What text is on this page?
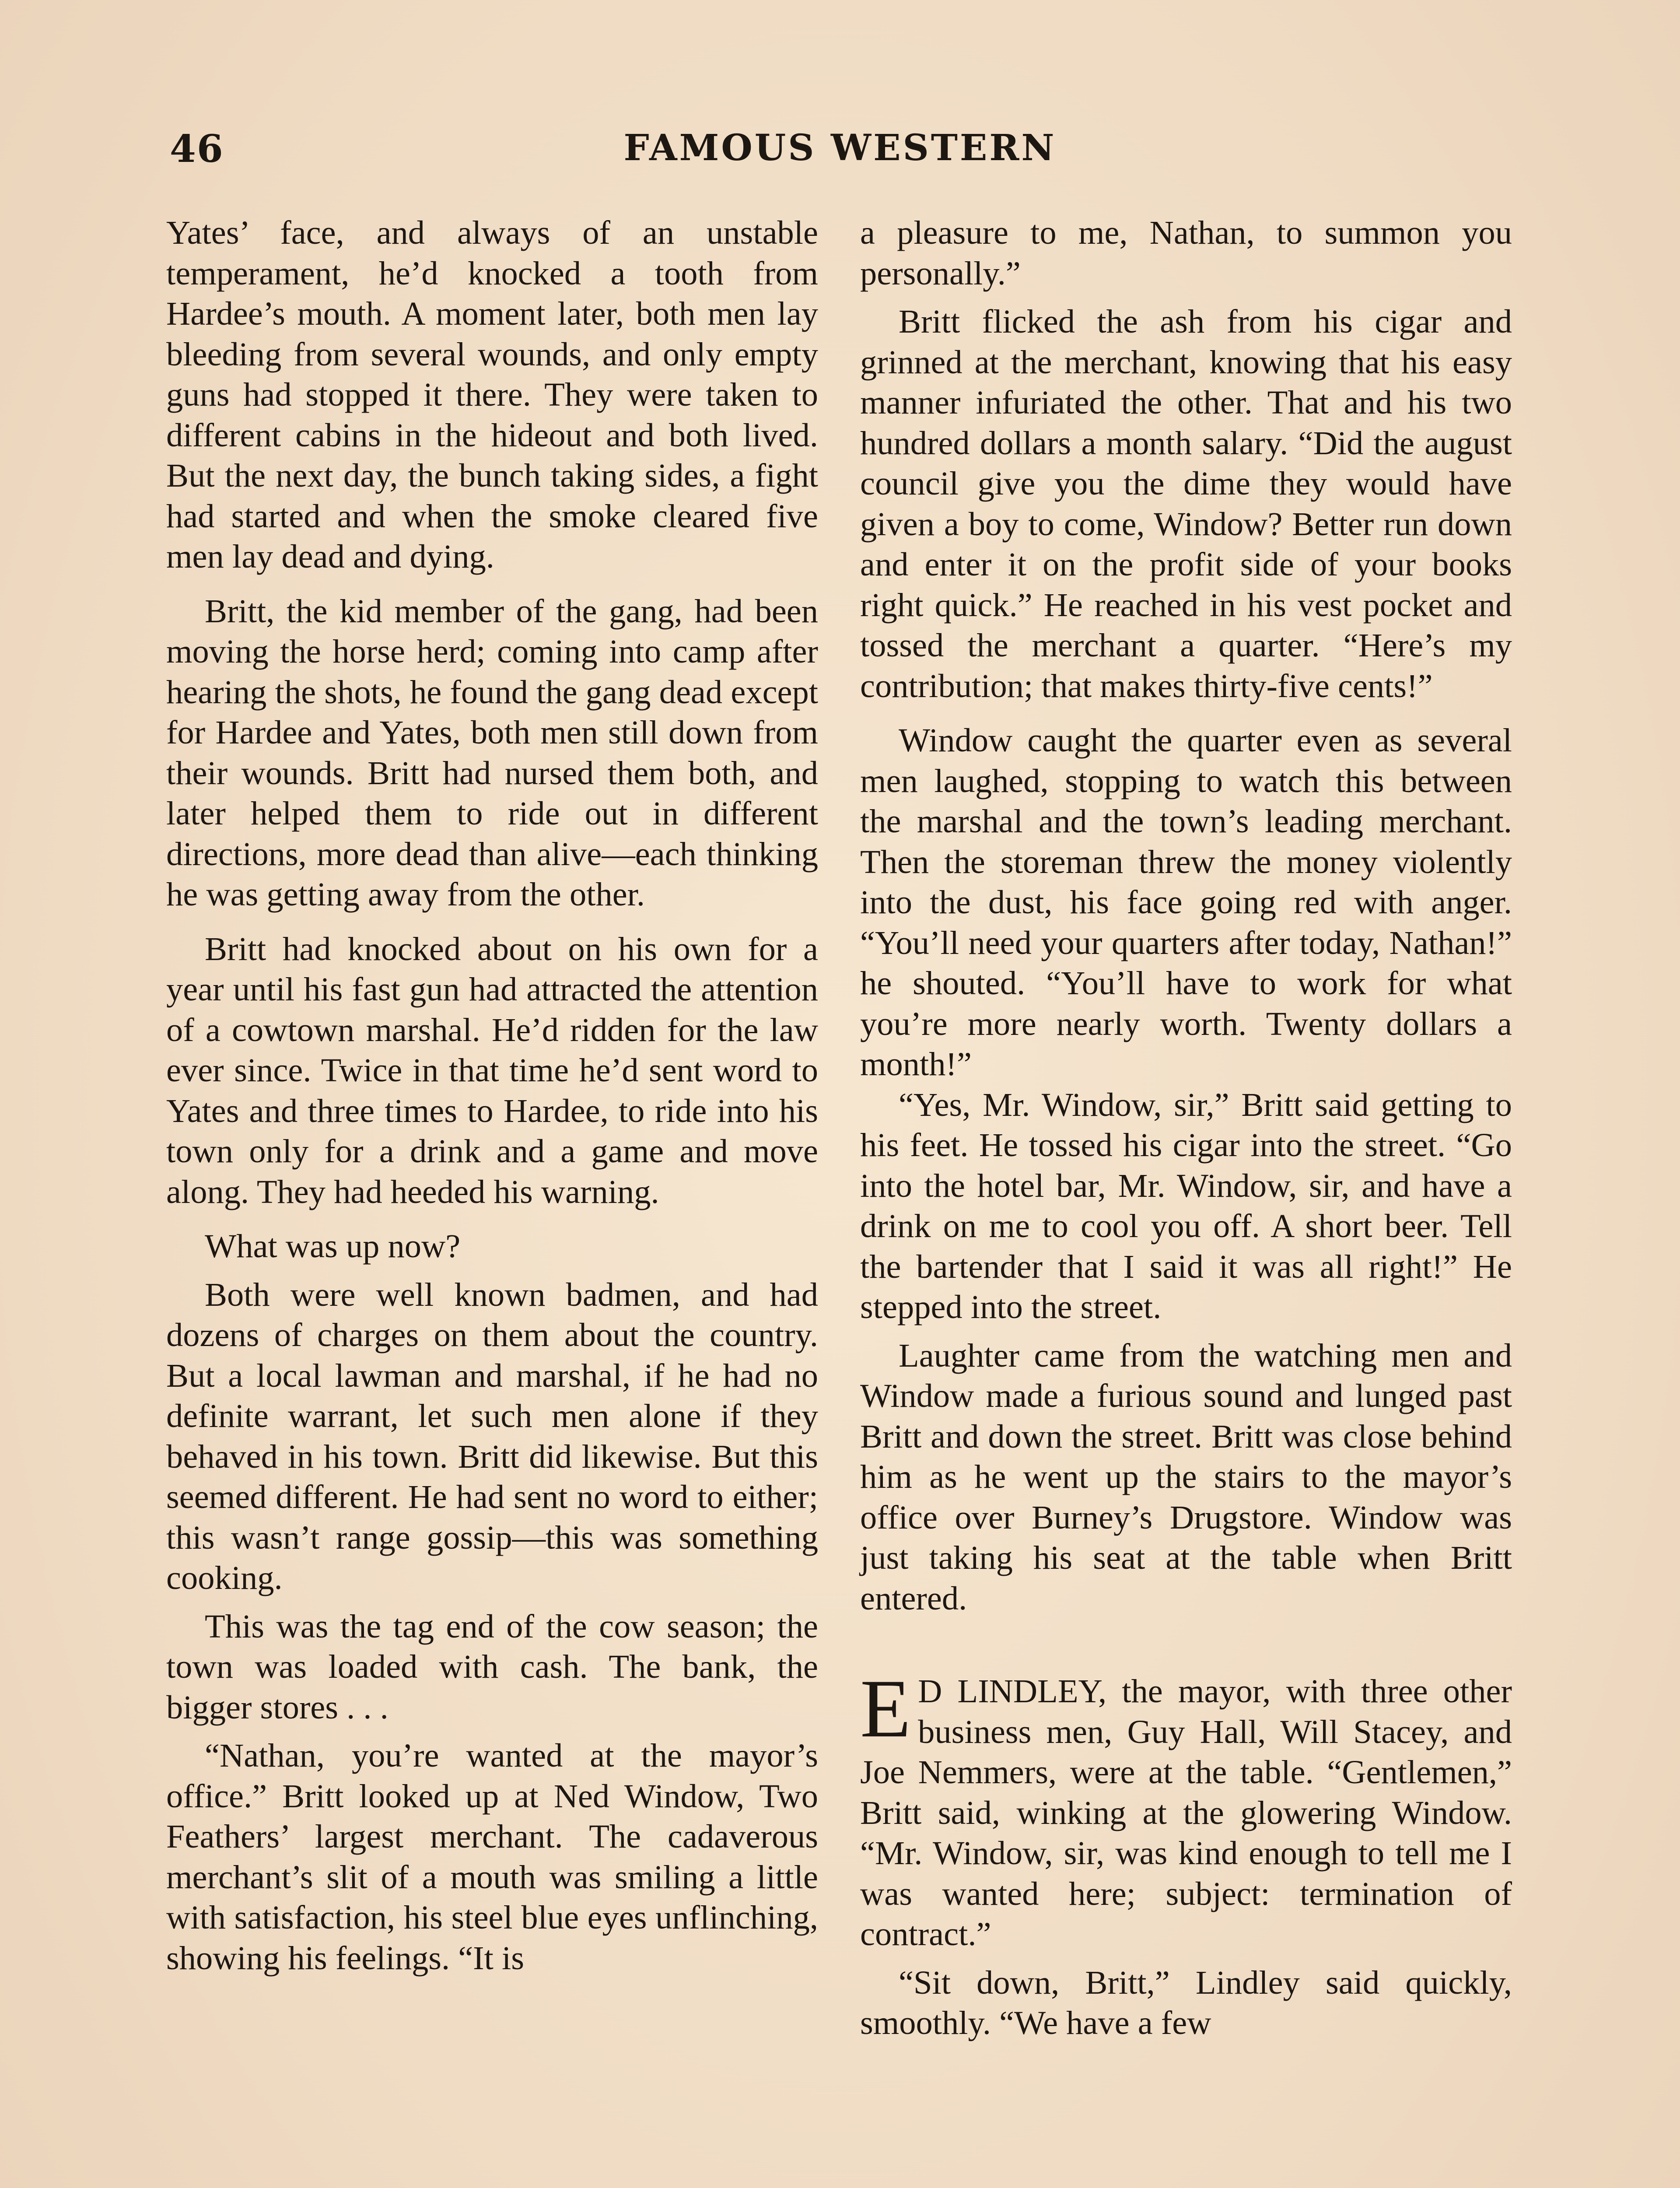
46	FAMOUS WESTERN

Yates’ face, and always of an unstable temperament, he’d knocked a tooth from Hardee’s mouth. A moment later, both men lay bleeding from several wounds, and only empty guns had stopped it there. They were taken to different cabins in the hideout and both lived. But the next day, the bunch taking sides, a fight had started and when the smoke cleared five men lay dead and dying.

Britt, the kid member of the gang, had been moving the horse herd; coming into camp after hearing the shots, he found the gang dead except for Hardee and Yates, both men still down from their wounds. Britt had nursed them both, and later helped them to ride out in different directions, more dead than alive—each thinking he was getting away from the other.

Britt had knocked about on his own for a year until his fast gun had attracted the attention of a cowtown marshal. He’d ridden for the law ever since. Twice in that time he’d sent word to Yates and three times to Hardee, to ride into his town only for a drink and a game and move along. They had heeded his warning.

What was up now?

Both were well known badmen, and had dozens of charges on them about the country. But a local lawman and marshal, if he had no definite warrant, let such men alone if they behaved in his town. Britt did likewise. But this seemed different. He had sent no word to either; this wasn’t range gossip—this was something cooking.

This was the tag end of the cow season; the town was loaded with cash. The bank, the bigger stores . . .

“Nathan, you’re wanted at the mayor’s office.” Britt looked up at Ned Window, Two Feathers’ largest merchant. The cadaverous merchant’s slit of a mouth was smiling a little with satisfaction, his steel blue eyes unflinching, showing his feelings. “It is

a pleasure to me, Nathan, to summon you personally.”

Britt flicked the ash from his cigar and grinned at the merchant, knowing that his easy manner infuriated the other. That and his two hundred dollars a month salary. “Did the august council give you the dime they would have given a boy to come, Window? Better run down and enter it on the profit side of your books right quick.” He reached in his vest pocket and tossed the merchant a quarter. “Here’s my contribution; that makes thirty-five cents!”

Window caught the quarter even as several men laughed, stopping to watch this between the marshal and the town’s leading merchant. Then the storeman threw the money violently into the dust, his face going red with anger. “You’ll need your quarters after today, Nathan!” he shouted. “You’ll have to work for what you’re more nearly worth. Twenty dollars a month!”

“Yes, Mr. Window, sir,” Britt said getting to his feet. He tossed his cigar into the street. “Go into the hotel bar, Mr. Window, sir, and have a drink on me to cool you off. A short beer. Tell the bartender that I said it was all right!” He stepped into the street.

Laughter came from the watching men and Window made a furious sound and lunged past Britt and down the street. Britt was close behind him as he went up the stairs to the mayor’s office over Burney’s Drugstore. Window was just taking his seat at the table when Britt entered.

E D LINDLEY, the mayor, with three other business men, Guy Hall, Will Stacey, and Joe Nemmers, were at the table. “Gentlemen,” Britt said, winking at the glowering Window. “Mr. Window, sir, was kind enough to tell me I was wanted here; subject: termination of contract.”

“Sit down, Britt,” Lindley said quickly, smoothly. “We have a few
